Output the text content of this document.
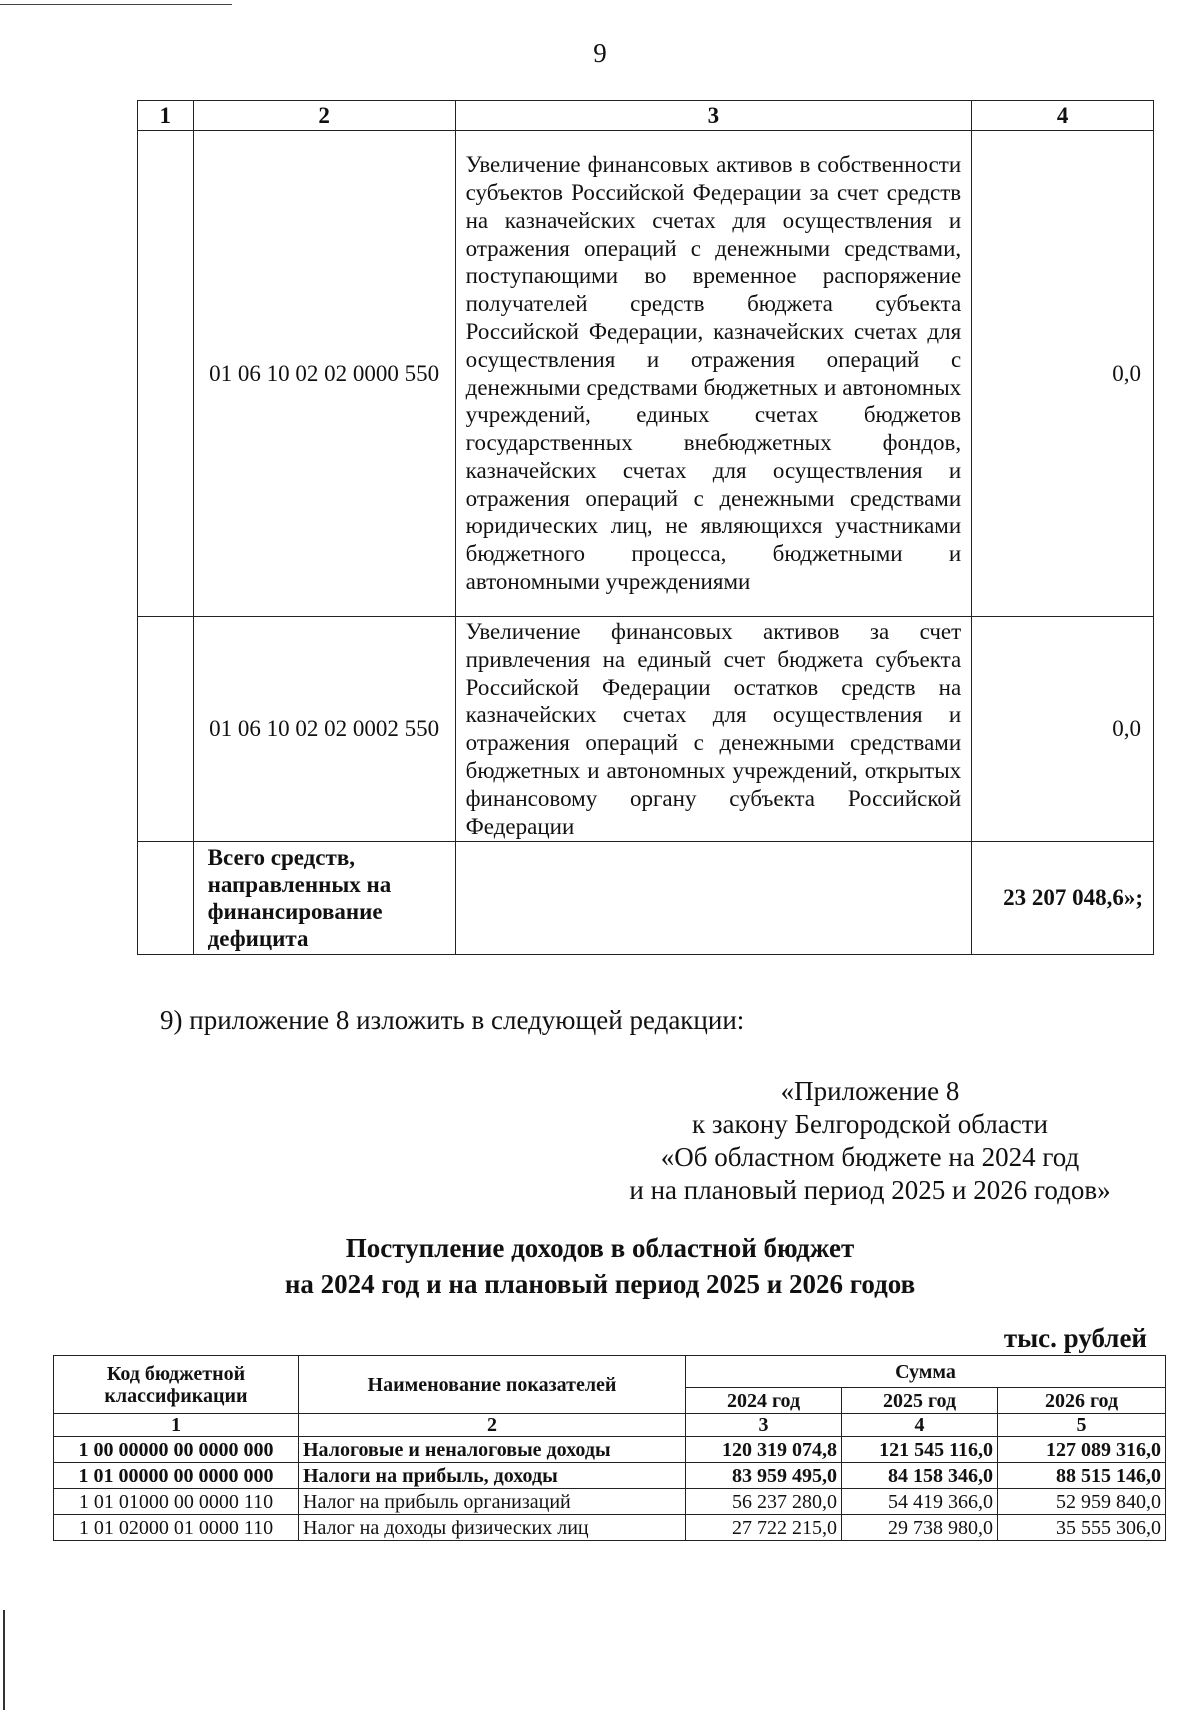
9
1	2	3	4
	01 06 10 02 02 0000 550	Увеличение финансовых активов в собственности субъектов Российской Федерации за счет средств на казначейских счетах для осуществления и отражения операций с денежными средствами, поступающими во временное распоряжение получателей средств бюджета субъекта Российской Федерации, казначейских счетах для осуществления и отражения операций с денежными средствами бюджетных и автономных учреждений, единых счетах бюджетов государственных внебюджетных фондов, казначейских счетах для осуществления и отражения операций с денежными средствами юридических лиц, не являющихся участниками бюджетного процесса, бюджетными и автономными учреждениями	0,0
	01 06 10 02 02 0002 550	Увеличение финансовых активов за счет привлечения на единый счет бюджета субъекта Российской Федерации остатков средств на казначейских счетах для осуществления и отражения операций с денежными средствами бюджетных и автономных учреждений, открытых финансовому органу субъекта Российской Федерации	0,0
	Всего средств, направленных на финансирование дефицита		23 207 048,6»;
9) приложение 8 изложить в следующей редакции:
«Приложение 8
к закону Белгородской области
«Об областном бюджете на 2024 год
и на плановый период 2025 и 2026 годов»
Поступление доходов в областной бюджет
на 2024 год и на плановый период 2025 и 2026 годов
тыс. рублей
Код бюджетной классификации	Наименование показателей	Сумма		
		2024 год	2025 год	2026 год
1	2	3	4	5
1 00 00000 00 0000 000	Налоговые и неналоговые доходы	120 319 074,8	121 545 116,0	127 089 316,0
1 01 00000 00 0000 000	Налоги на прибыль, доходы	83 959 495,0	84 158 346,0	88 515 146,0
1 01 01000 00 0000 110	Налог на прибыль организаций	56 237 280,0	54 419 366,0	52 959 840,0
1 01 02000 01 0000 110	Налог на доходы физических лиц	27 722 215,0	29 738 980,0	35 555 306,0
